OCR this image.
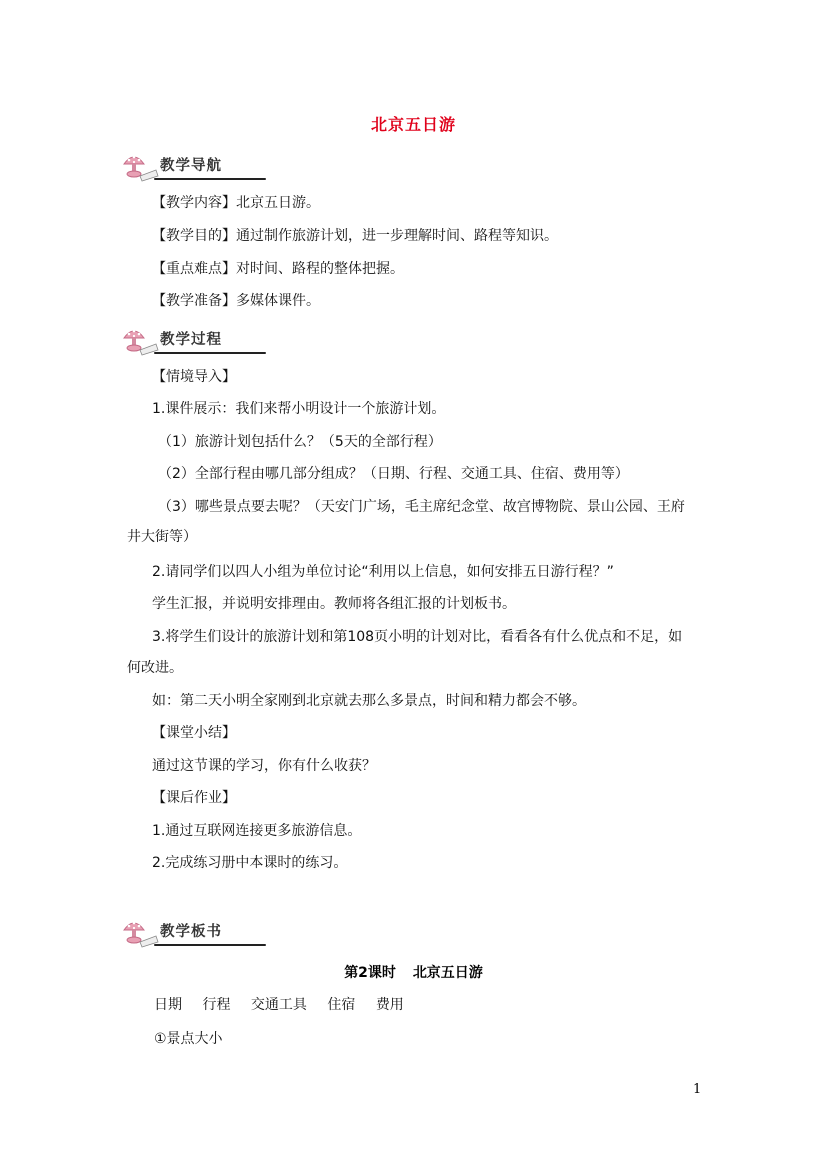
北京五日游
教学导航
【教学内容】北京五日游。
【教学目的】通过制作旅游计划，进一步理解时间、路程等知识。
【重点难点】对时间、路程的整体把握。
【教学准备】多媒体课件。
教学过程
【情境导入】
1.课件展示：我们来帮小明设计一个旅游计划。
（1）旅游计划包括什么？（5天的全部行程）
（2）全部行程由哪几部分组成？（日期、行程、交通工具、住宿、费用等）
（3）哪些景点要去呢？（天安门广场，毛主席纪念堂、故宫博物院、景山公园、王府
井大街等）
2.请同学们以四人小组为单位讨论“利用以上信息，如何安排五日游行程？”
学生汇报，并说明安排理由。教师将各组汇报的计划板书。
3.将学生们设计的旅游计划和第108页小明的计划对比，看看各有什么优点和不足，如
何改进。
如：第二天小明全家刚到北京就去那么多景点，时间和精力都会不够。
【课堂小结】
通过这节课的学习，你有什么收获？
【课后作业】
1.通过互联网连接更多旅游信息。
2.完成练习册中本课时的练习。
教学板书
第2课时 北京五日游
日期 行程 交通工具 住宿 费用
①景点大小
1
